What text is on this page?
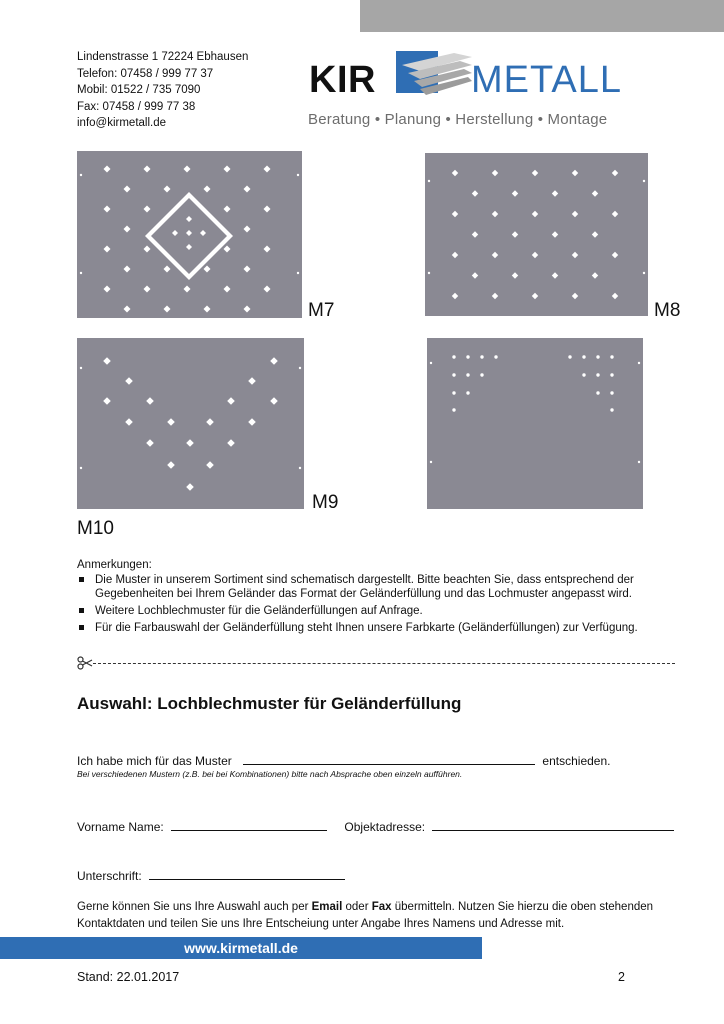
Lindenstrasse 1 72224 Ebhausen
Telefon: 07458 / 999 77 37
Mobil: 01522 / 735 7090
Fax: 07458 / 999 77 38
info@kirmetall.de
KIR	METALL
Beratung • Planung • Herstellung • Montage
M7	M8
M9
M10
Anmerkungen:
Die Muster in unserem Sortiment sind schematisch dargestellt. Bitte beachten Sie, dass entsprechend der Gegebenheiten bei Ihrem Geländer das Format der Geländerfüllung und das Lochmuster angepasst wird.
Weitere Lochblechmuster für die Geländerfüllungen auf Anfrage.
Für die Farbauswahl der Geländerfüllung steht Ihnen unsere Farbkarte (Geländerfüllungen) zur Verfügung.
Auswahl: Lochblechmuster für Geländerfüllung
Ich habe mich für das Muster	entschieden.
Bei verschiedenen Mustern (z.B. bei bei Kombinationen) bitte nach Absprache oben einzeln aufführen.
Vorname Name:	Objektadresse:
Unterschrift:
Gerne können Sie uns Ihre Auswahl auch per Email oder Fax übermitteln. Nutzen Sie hierzu die oben stehenden Kontaktdaten und teilen Sie uns Ihre Entscheiung unter Angabe Ihres Namens und Adresse mit.
www.kirmetall.de
Stand: 22.01.2017	2
